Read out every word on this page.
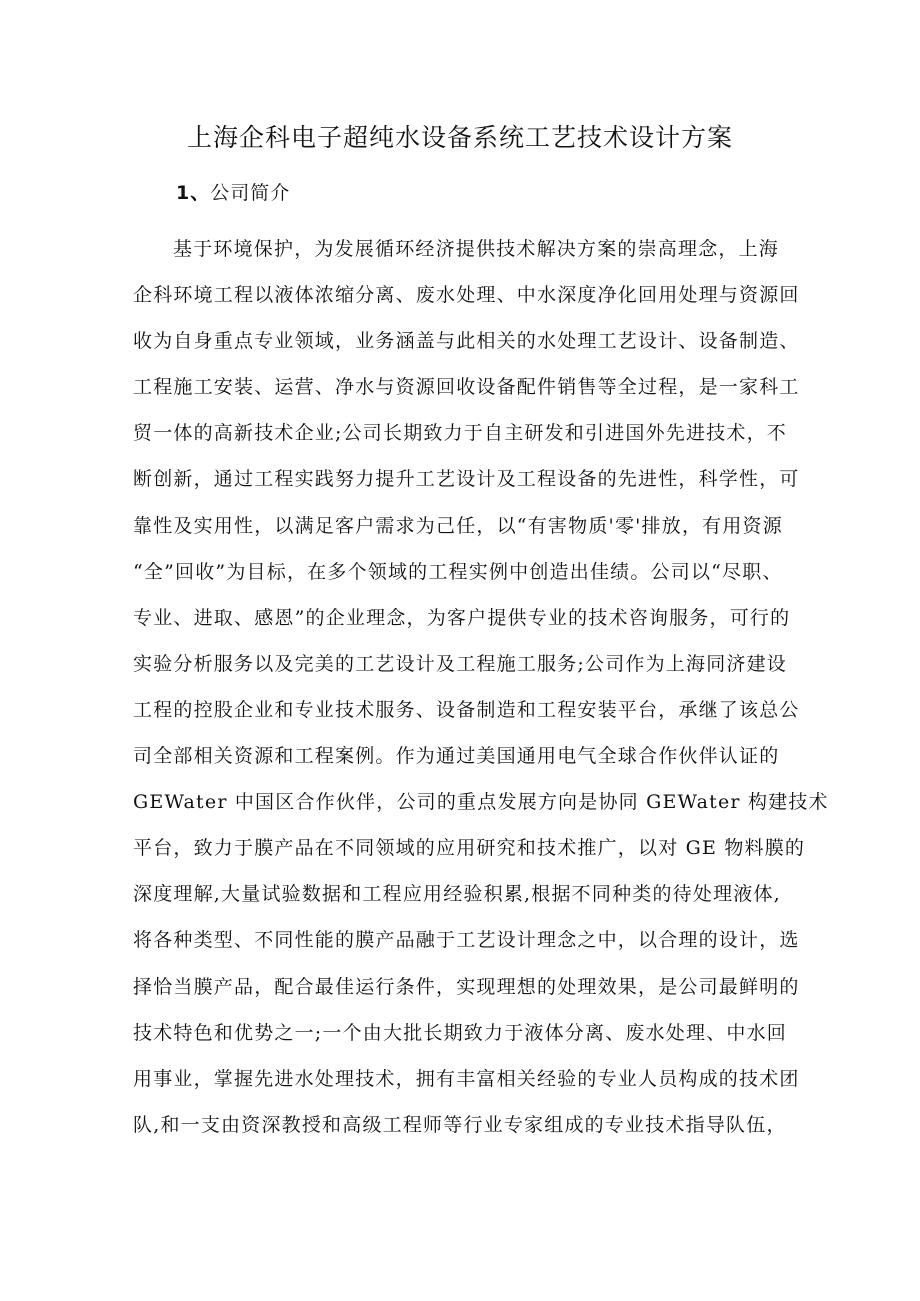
上海企科电子超纯水设备系统工艺技术设计方案
1、公司简介
基于环境保护，为发展循环经济提供技术解决方案的崇高理念，上海
企科环境工程以液体浓缩分离、废水处理、中水深度净化回用处理与资源回
收为自身重点专业领域，业务涵盖与此相关的水处理工艺设计、设备制造、
工程施工安装、运营、净水与资源回收设备配件销售等全过程，是一家科工
贸一体的高新技术企业;公司长期致力于自主研发和引进国外先进技术，不
断创新，通过工程实践努力提升工艺设计及工程设备的先进性，科学性，可
靠性及实用性，以满足客户需求为己任，以“有害物质'零'排放，有用资源
“全”回收”为目标，在多个领域的工程实例中创造出佳绩。公司以“尽职、
专业、进取、感恩”的企业理念，为客户提供专业的技术咨询服务，可行的
实验分析服务以及完美的工艺设计及工程施工服务;公司作为上海同济建设
工程的控股企业和专业技术服务、设备制造和工程安装平台，承继了该总公
司全部相关资源和工程案例。作为通过美国通用电气全球合作伙伴认证的
GEWater 中国区合作伙伴，公司的重点发展方向是协同 GEWater 构建技术
平台，致力于膜产品在不同领域的应用研究和技术推广，以对 GE 物料膜的
深度理解,大量试验数据和工程应用经验积累,根据不同种类的待处理液体,
将各种类型、不同性能的膜产品融于工艺设计理念之中，以合理的设计，选
择恰当膜产品，配合最佳运行条件，实现理想的处理效果，是公司最鲜明的
技术特色和优势之一;一个由大批长期致力于液体分离、废水处理、中水回
用事业，掌握先进水处理技术，拥有丰富相关经验的专业人员构成的技术团
队,和一支由资深教授和高级工程师等行业专家组成的专业技术指导队伍，
